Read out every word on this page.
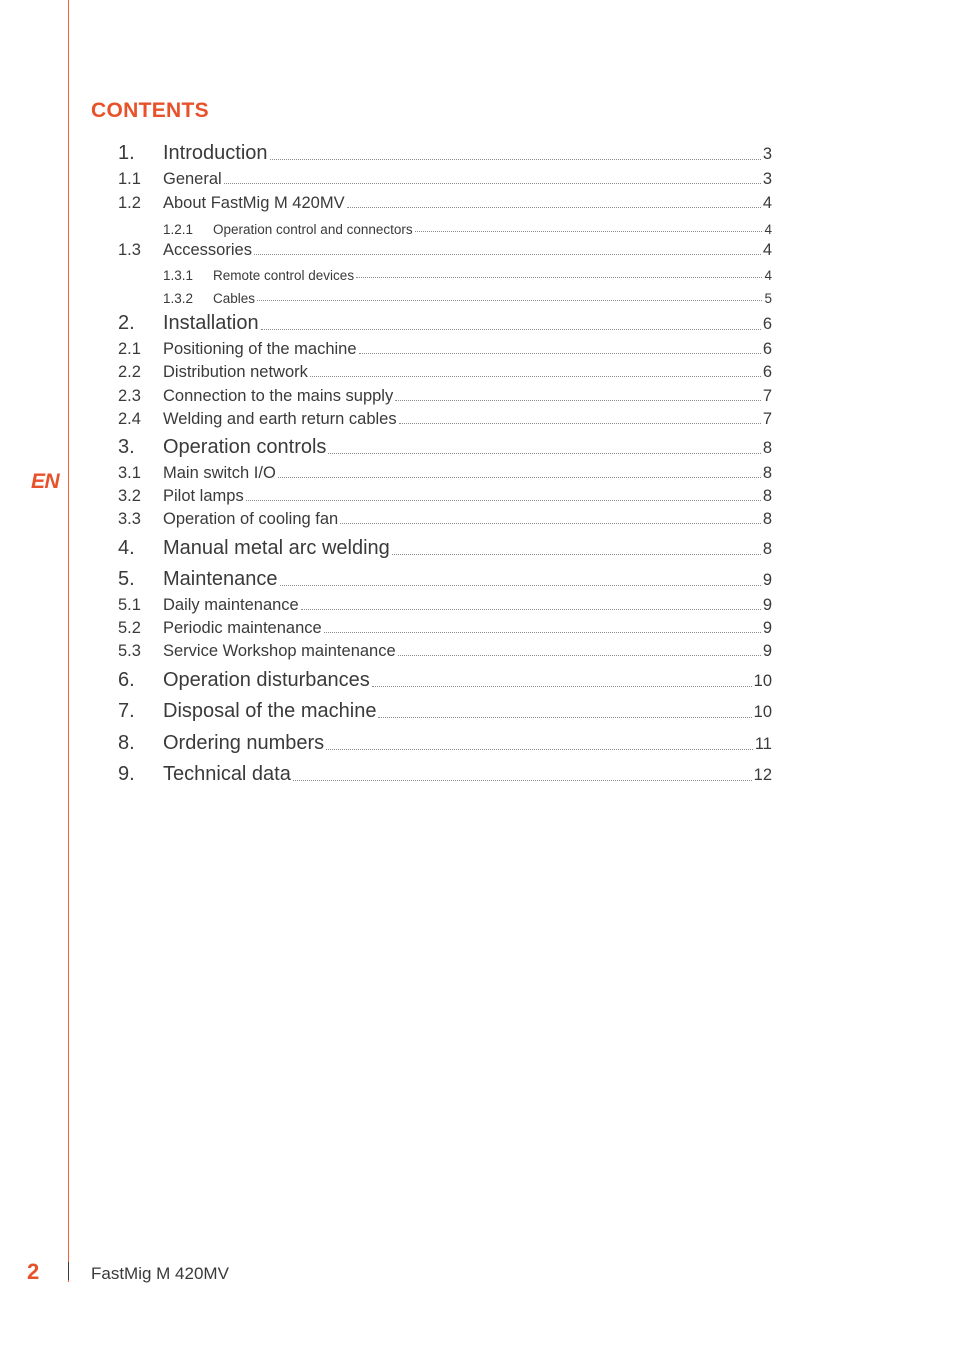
EN
CONTENTS
1.	Introduction	3
1.1	General	3
1.2	About FastMig M 420MV	4
1.2.1	Operation control and connectors	4
1.3	Accessories	4
1.3.1	Remote control devices	4
1.3.2	Cables	5
2.	Installation	6
2.1	Positioning of the machine	6
2.2	Distribution network	6
2.3	Connection to the mains supply	7
2.4	Welding and earth return cables	7
3.	Operation controls	8
3.1	Main switch I/O	8
3.2	Pilot lamps	8
3.3	Operation of cooling fan	8
4.	Manual metal arc welding	8
5.	Maintenance	9
5.1	Daily maintenance	9
5.2	Periodic maintenance	9
5.3	Service Workshop maintenance	9
6.	Operation disturbances	10
7.	Disposal of the machine	10
8.	Ordering numbers	11
9.	Technical data	12
2	FastMig M 420MV
